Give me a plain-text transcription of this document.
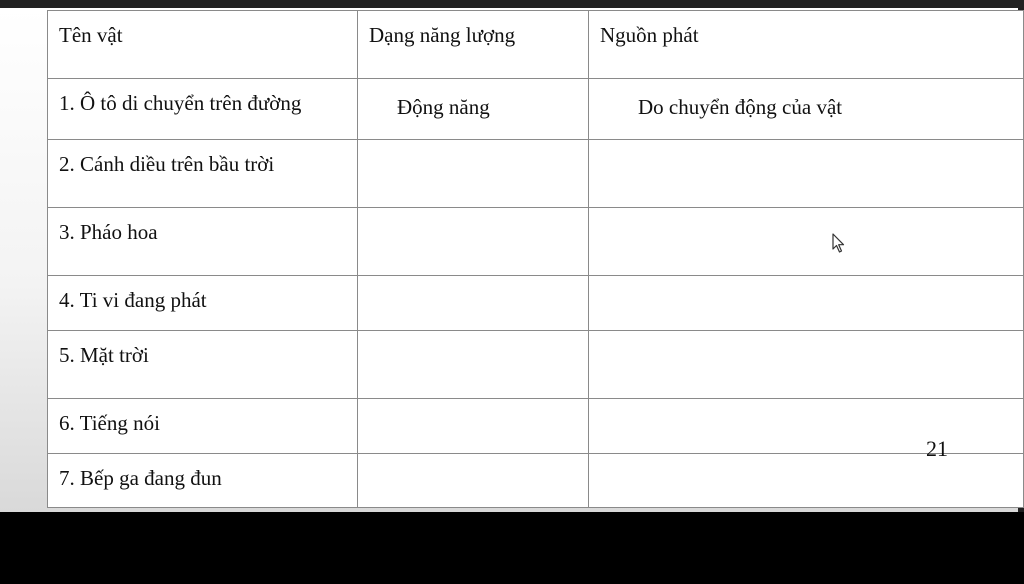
Tên vật	Dạng năng lượng	Nguồn phát
1. Ô tô di chuyển trên đường	Động năng	Do chuyển động của vật
2. Cánh diều trên bầu trời		
3. Pháo hoa		
4. Ti vi đang phát		
5. Mặt trời		
6. Tiếng nói		
7. Bếp ga đang đun		
21
